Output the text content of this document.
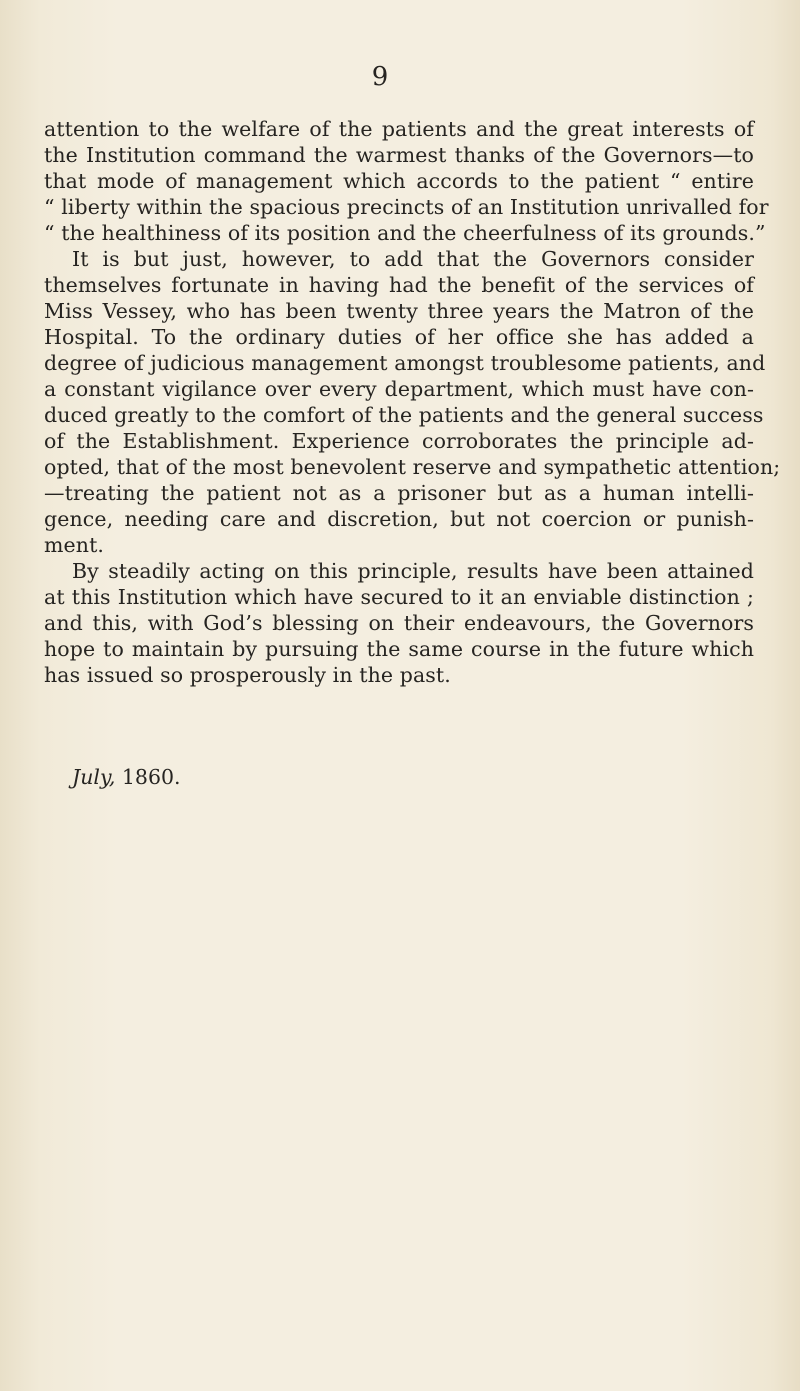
9
attention to the welfare of the patients and the great interests of
the Institution command the warmest thanks of the Governors—to
that mode of management which accords to the patient “ entire
“ liberty within the spacious precincts of an Institution unrivalled for
“ the healthiness of its position and the cheerfulness of its grounds.”
It is but just, however, to add that the Governors consider
themselves fortunate in having had the benefit of the services of
Miss Vessey, who has been twenty three years the Matron of the
Hospital. To the ordinary duties of her office she has added a
degree of judicious management amongst troublesome patients, and
a constant vigilance over every department, which must have con-
duced greatly to the comfort of the patients and the general success
of the Establishment. Experience corroborates the principle ad-
opted, that of the most benevolent reserve and sympathetic attention;
—treating the patient not as a prisoner but as a human intelli-
gence, needing care and discretion, but not coercion or punish-
ment.
By steadily acting on this principle, results have been attained
at this Institution which have secured to it an enviable distinction ;
and this, with God’s blessing on their endeavours, the Governors
hope to maintain by pursuing the same course in the future which
has issued so prosperously in the past.
July, 1860.
